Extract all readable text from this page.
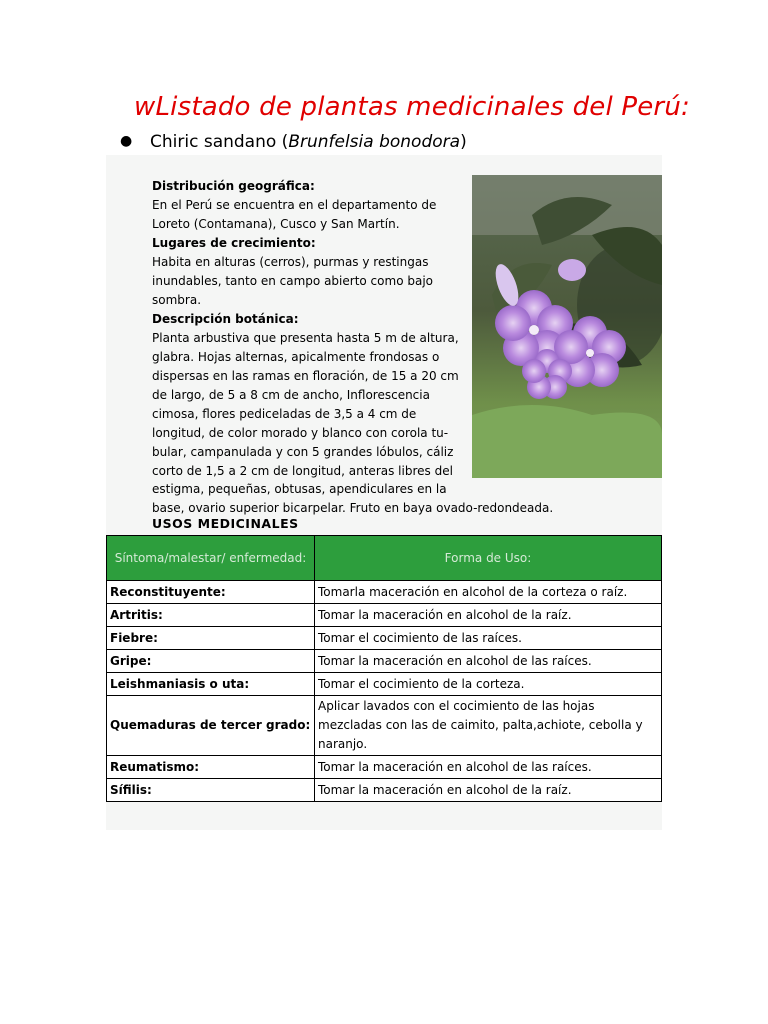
wListado de plantas medicinales del Perú:
● Chiric sandano (Brunfelsia bonodora)
Distribución geográfica:
En el Perú se encuentra en el departamento de
Loreto (Contamana), Cusco y San Martín.
Lugares de crecimiento:
Habita en alturas (cerros), purmas y restingas
inundables, tanto en campo abierto como bajo
sombra.
Descripción botánica:
Planta arbustiva que presenta hasta 5 m de altura,
glabra. Hojas alternas, apicalmente frondosas o
dispersas en las ramas en floración, de 15 a 20 cm
de largo, de 5 a 8 cm de ancho, Inflorescencia
cimosa, flores pediceladas de 3,5 a 4 cm de
longitud, de color morado y blanco con corola tu-
bular, campanulada y con 5 grandes lóbulos, cáliz
corto de 1,5 a 2 cm de longitud, anteras libres del
estigma, pequeñas, obtusas, apendiculares en la
base, ovario superior bicarpelar. Fruto en baya ovado-redondeada.
USOS MEDICINALES
Síntoma/malestar/ enfermedad:	Forma de Uso:
Reconstituyente:	Tomarla maceración en alcohol de la corteza o raíz.
Artritis:	Tomar la maceración en alcohol de la raíz.
Fiebre:	Tomar el cocimiento de las raíces.
Gripe:	Tomar la maceración en alcohol de las raíces.
Leishmaniasis o uta:	Tomar el cocimiento de la corteza.
Quemaduras de tercer grado:	Aplicar lavados con el cocimiento de las hojas mezcladas con las de caimito, palta,achiote, cebolla y naranjo.
Reumatismo:	Tomar la maceración en alcohol de las raíces.
Sífilis:	Tomar la maceración en alcohol de la raíz.
